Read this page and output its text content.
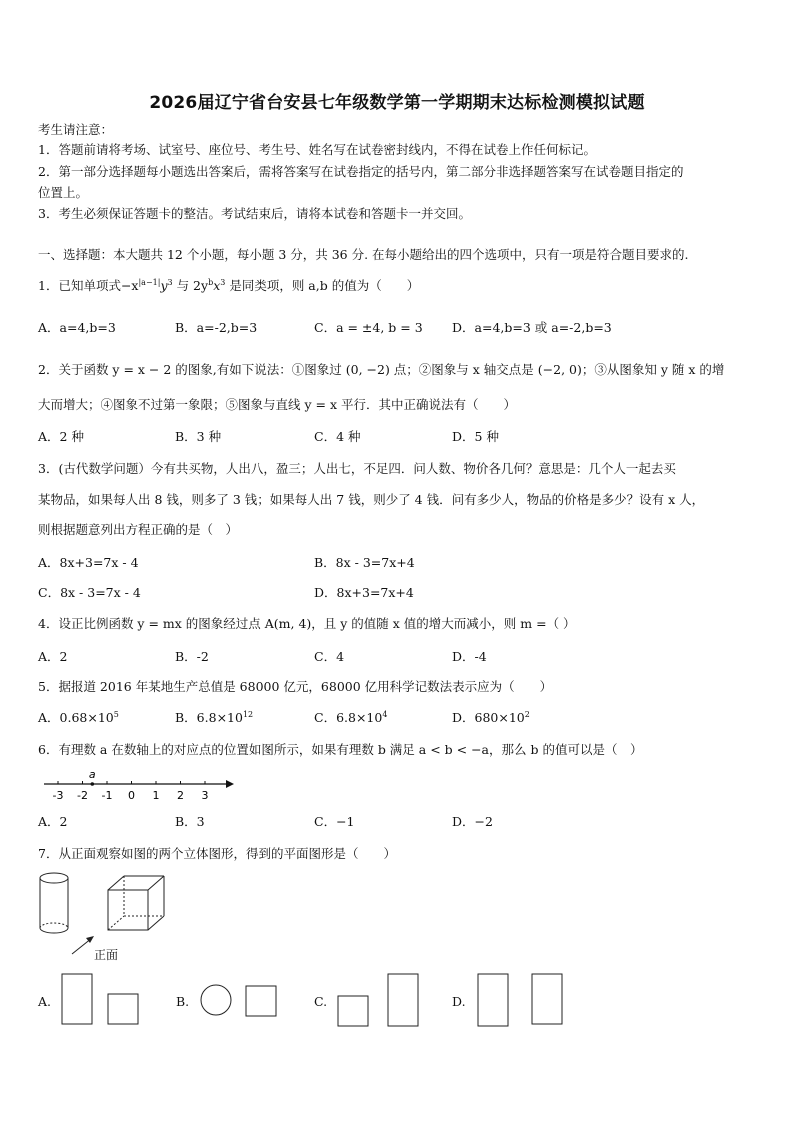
2026届辽宁省台安县七年级数学第一学期期末达标检测模拟试题
考生请注意：
1．答题前请将考场、试室号、座位号、考生号、姓名写在试卷密封线内，不得在试卷上作任何标记。
2．第一部分选择题每小题选出答案后，需将答案写在试卷指定的括号内，第二部分非选择题答案写在试卷题目指定的
位置上。
3．考生必须保证答题卡的整洁。考试结束后，请将本试卷和答题卡一并交回。
一、选择题：本大题共 12 个小题，每小题 3 分，共 36 分. 在每小题给出的四个选项中，只有一项是符合题目要求的.
1．已知单项式$-x^{|a-1|}y^3$ 与 $2y^bx^3$ 是同类项，则 a,b 的值为（　　）
A．a=4,b=3	B．a=-2,b=3	C．a = ±4, b = 3 D．a=4,b=3 或 a=-2,b=3
2．关于函数 y = x − 2 的图象,有如下说法：①图象过 (0, −2) 点；②图象与 x 轴交点是 (−2, 0)；③从图象知 y 随 x 的增
大而增大；④图象不过第一象限；⑤图象与直线 y = x 平行．其中正确说法有（　　）
A．2 种	B．3 种	C．4 种	D．5 种
3．(古代数学问题）今有共买物，人出八，盈三；人出七，不足四．问人数、物价各几何？意思是：几个人一起去买
某物品，如果每人出 8 钱，则多了 3 钱；如果每人出 7 钱，则少了 4 钱．问有多少人，物品的价格是多少？设有 x 人，
则根据题意列出方程正确的是（　）
A．8x+3=7x - 4	B．8x - 3=7x+4
C．8x - 3=7x - 4	D．8x+3=7x+4
4．设正比例函数 y = mx 的图象经过点 A(m, 4)，且 y 的值随 x 值的增大而减小，则 m =（ ）
A．2	B．-2	C．4	D．-4
5．据报道 2016 年某地生产总值是 68000 亿元，68000 亿用科学记数法表示应为（　　）
A．$0.68\times 10^5$	B．$6.8\times 10^{12}$	C．$6.8\times 10^4$	D．$680\times 10^2$
6．有理数 a 在数轴上的对应点的位置如图所示，如果有理数 b 满足 a < b < −a，那么 b 的值可以是（　）
-3 -2 -1 0 1 2 3
a
A．2	B．3	C．−1	D．−2
7．从正面观察如图的两个立体图形，得到的平面图形是（　　）
正面
A.	B.	C.	D.
